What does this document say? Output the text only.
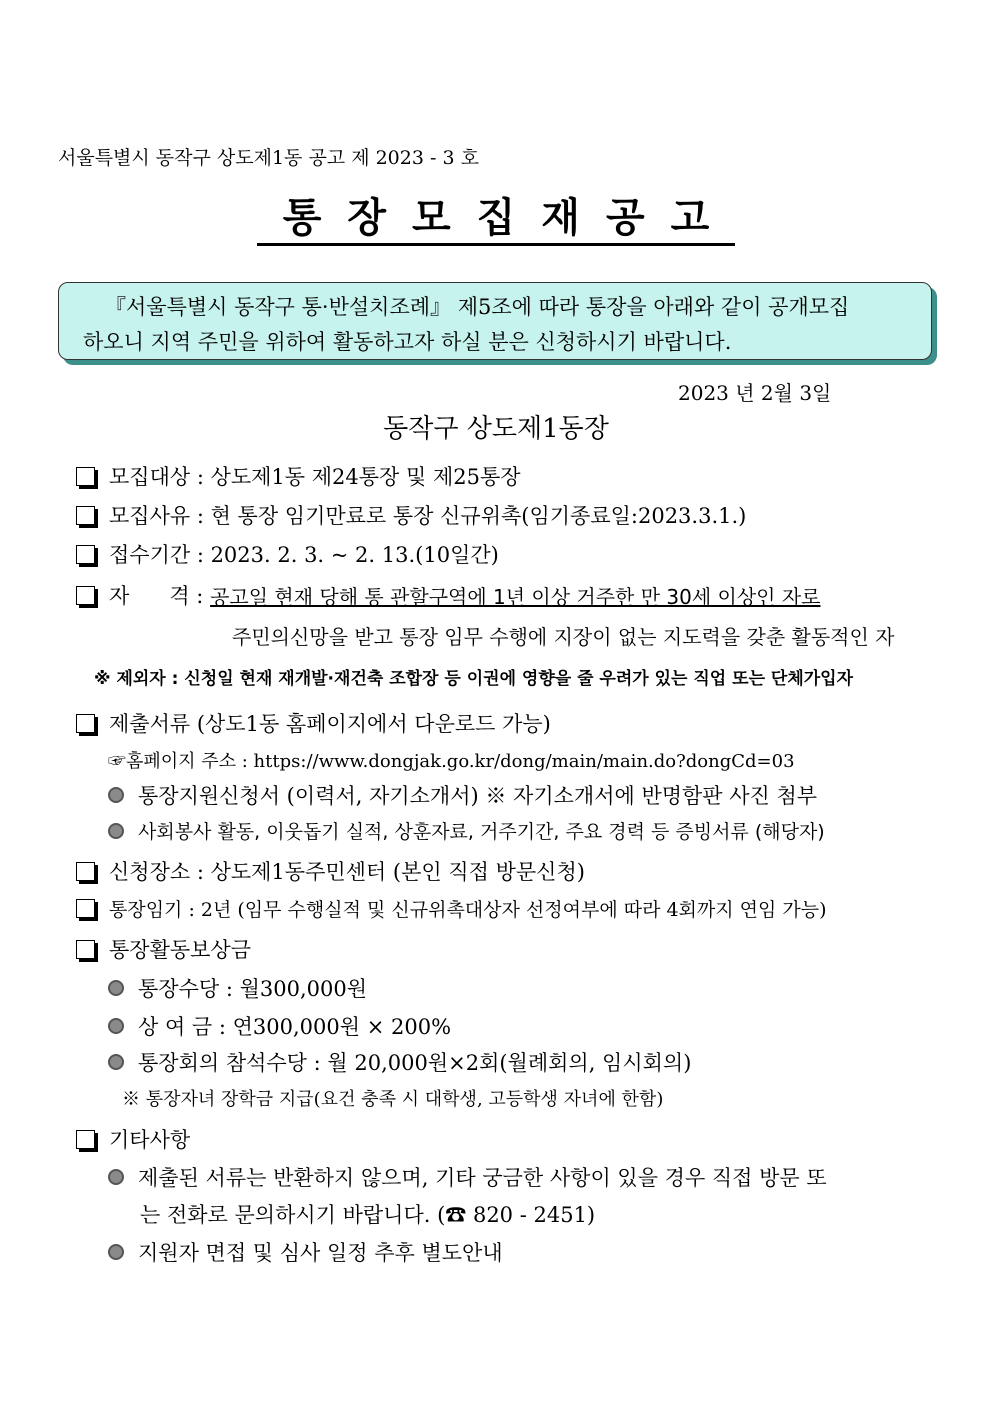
서울특별시 동작구 상도제1동 공고 제 2023 - 3 호
통장모집재공고
『서울특별시 동작구 통·반설치조례』 제5조에 따라 통장을 아래와 같이 공개모집
하오니 지역 주민을 위하여 활동하고자 하실 분은 신청하시기 바랍니다.
2023 년 2월 3일
동작구 상도제1동장
모집대상 : 상도제1동 제24통장 및 제25통장
모집사유 : 현 통장 임기만료로 통장 신규위촉(임기종료일:2023.3.1.)
접수기간 : 2023. 2. 3. ~ 2. 13.(10일간)
자      격 : 공고일 현재 당해 통 관할구역에 1년 이상 거주한 만 30세 이상인 자로
주민의신망을 받고 통장 임무 수행에 지장이 없는 지도력을 갖춘 활동적인 자
※ 제외자 : 신청일 현재 재개발·재건축 조합장 등 이권에 영향을 줄 우려가 있는 직업 또는 단체가입자
제출서류 (상도1동 홈페이지에서 다운로드 가능)
☞홈페이지 주소 : https://www.dongjak.go.kr/dong/main/main.do?dongCd=03
통장지원신청서 (이력서, 자기소개서) ※ 자기소개서에 반명함판 사진 첨부
사회봉사 활동, 이웃돕기 실적, 상훈자료, 거주기간, 주요 경력 등 증빙서류 (해당자)
신청장소 : 상도제1동주민센터 (본인 직접 방문신청)
통장임기 : 2년 (임무 수행실적 및 신규위촉대상자 선정여부에 따라 4회까지 연임 가능)
통장활동보상금
통장수당 : 월300,000원
상 여 금 : 연300,000원 × 200%
통장회의 참석수당 : 월 20,000원×2회(월례회의, 임시회의)
※ 통장자녀 장학금 지급(요건 충족 시 대학생, 고등학생 자녀에 한함)
기타사항
제출된 서류는 반환하지 않으며, 기타 궁금한 사항이 있을 경우 직접 방문 또
는 전화로 문의하시기 바랍니다. (☎ 820 - 2451)
지원자 면접 및 심사 일정 추후 별도안내
